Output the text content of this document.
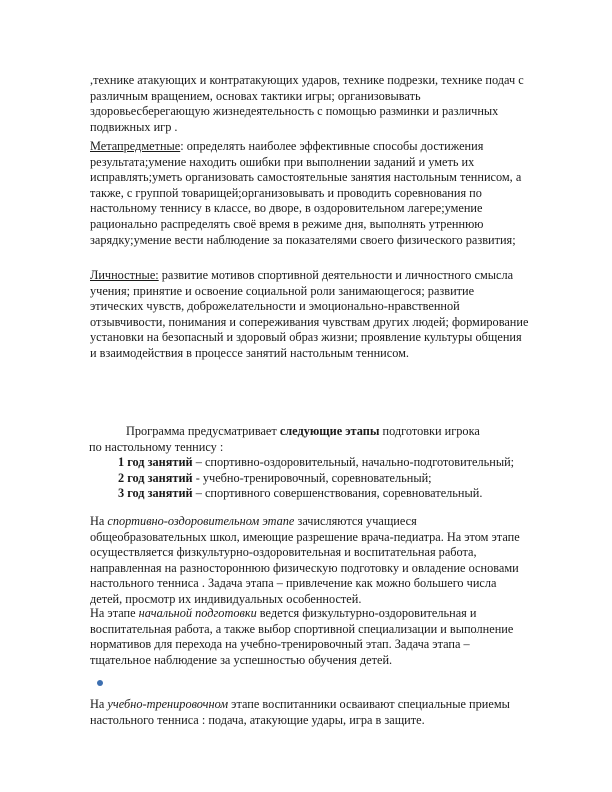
,технике атакующих и контратакующих ударов, технике подрезки, технике подач с различным вращением, основах тактики игры; организовывать здоровьесберегающую жизнедеятельность с помощью разминки и различных подвижных игр .

Метапредметные: определять наиболее эффективные способы достижения результата;умение находить ошибки при выполнении заданий и уметь их исправлять;уметь организовать самостоятельные занятия настольным теннисом, а также, с группой товарищей;организовывать и проводить соревнования по настольному теннису в классе, во дворе, в оздоровительном лагере;умение рационально распределять своё время в режиме дня, выполнять утреннюю зарядку;умение вести наблюдение за показателями своего физического развития;

Личностные: развитие мотивов спортивной деятельности и личностного смысла учения; принятие и освоение социальной роли занимающегося; развитие этических чувств, доброжелательности и эмоционально-нравственной отзывчивости, понимания и сопереживания чувствам других людей; формирование установки на безопасный и здоровый образ жизни; проявление культуры общения и взаимодействия в процессе занятий настольным теннисом.

Программа предусматривает следующие этапы подготовки игрока

по настольному теннису :

1 год занятий – спортивно-оздоровительный, начально-подготовительный;

2 год занятий - учебно-тренировочный, соревновательный;

3 год занятий – спортивного совершенствования, соревновательный.

На спортивно-оздоровительном этапе зачисляются учащиеся общеобразовательных школ, имеющие разрешение врача-педиатра. На этом этапе осуществляется физкультурно-оздоровительная и воспитательная работа, направленная на разностороннюю физическую подготовку и овладение основами настольного тенниса . Задача этапа – привлечение как можно большего числа детей, просмотр их индивидуальных особенностей.

На этапе начальной подготовки ведется физкультурно-оздоровительная и воспитательная работа, а также выбор спортивной специализации и выполнение нормативов для перехода на учебно-тренировочный этап. Задача этапа – тщательное наблюдение за успешностью обучения детей.

На учебно-тренировочном этапе воспитанники осваивают специальные приемы настольного тенниса : подача, атакующие удары, игра в защите.
